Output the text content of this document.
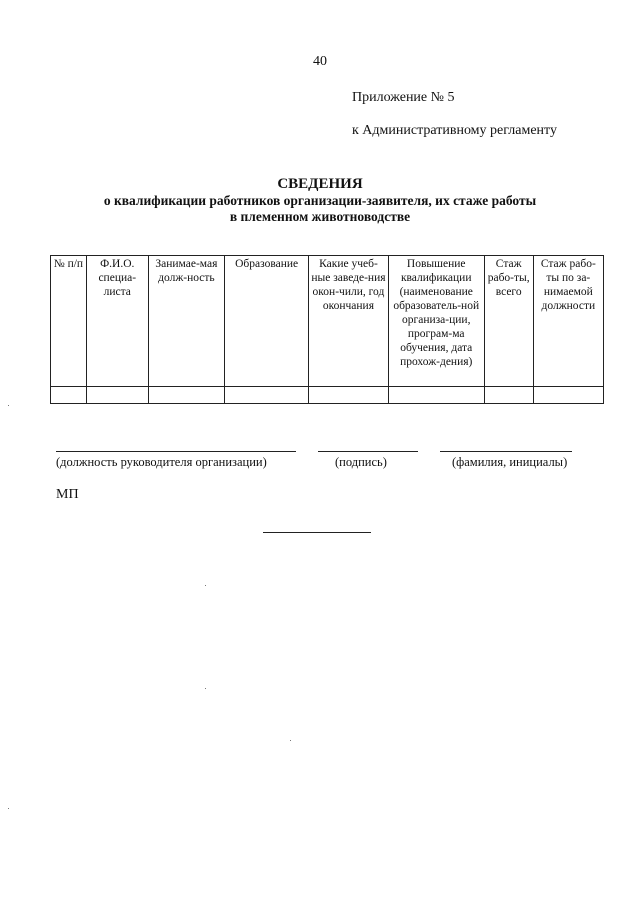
40
Приложение № 5
к Административному регламенту
СВЕДЕНИЯ
о квалификации работников организации-заявителя, их стаже работы
в племенном животноводстве
№ п/п	Ф.И.О. специа-листа	Занимае-мая долж-ность	Образование	Какие учеб-ные заведе-ния окон-чили, год окончания	Повышение квалификации (наименование образователь-ной организа-ции, програм-ма обучения, дата прохож-дения)	Стаж рабо-ты, всего	Стаж рабо-ты по за-нимаемой должности

(должность руководителя организации)	(подпись)	(фамилия, инициалы)
МП
